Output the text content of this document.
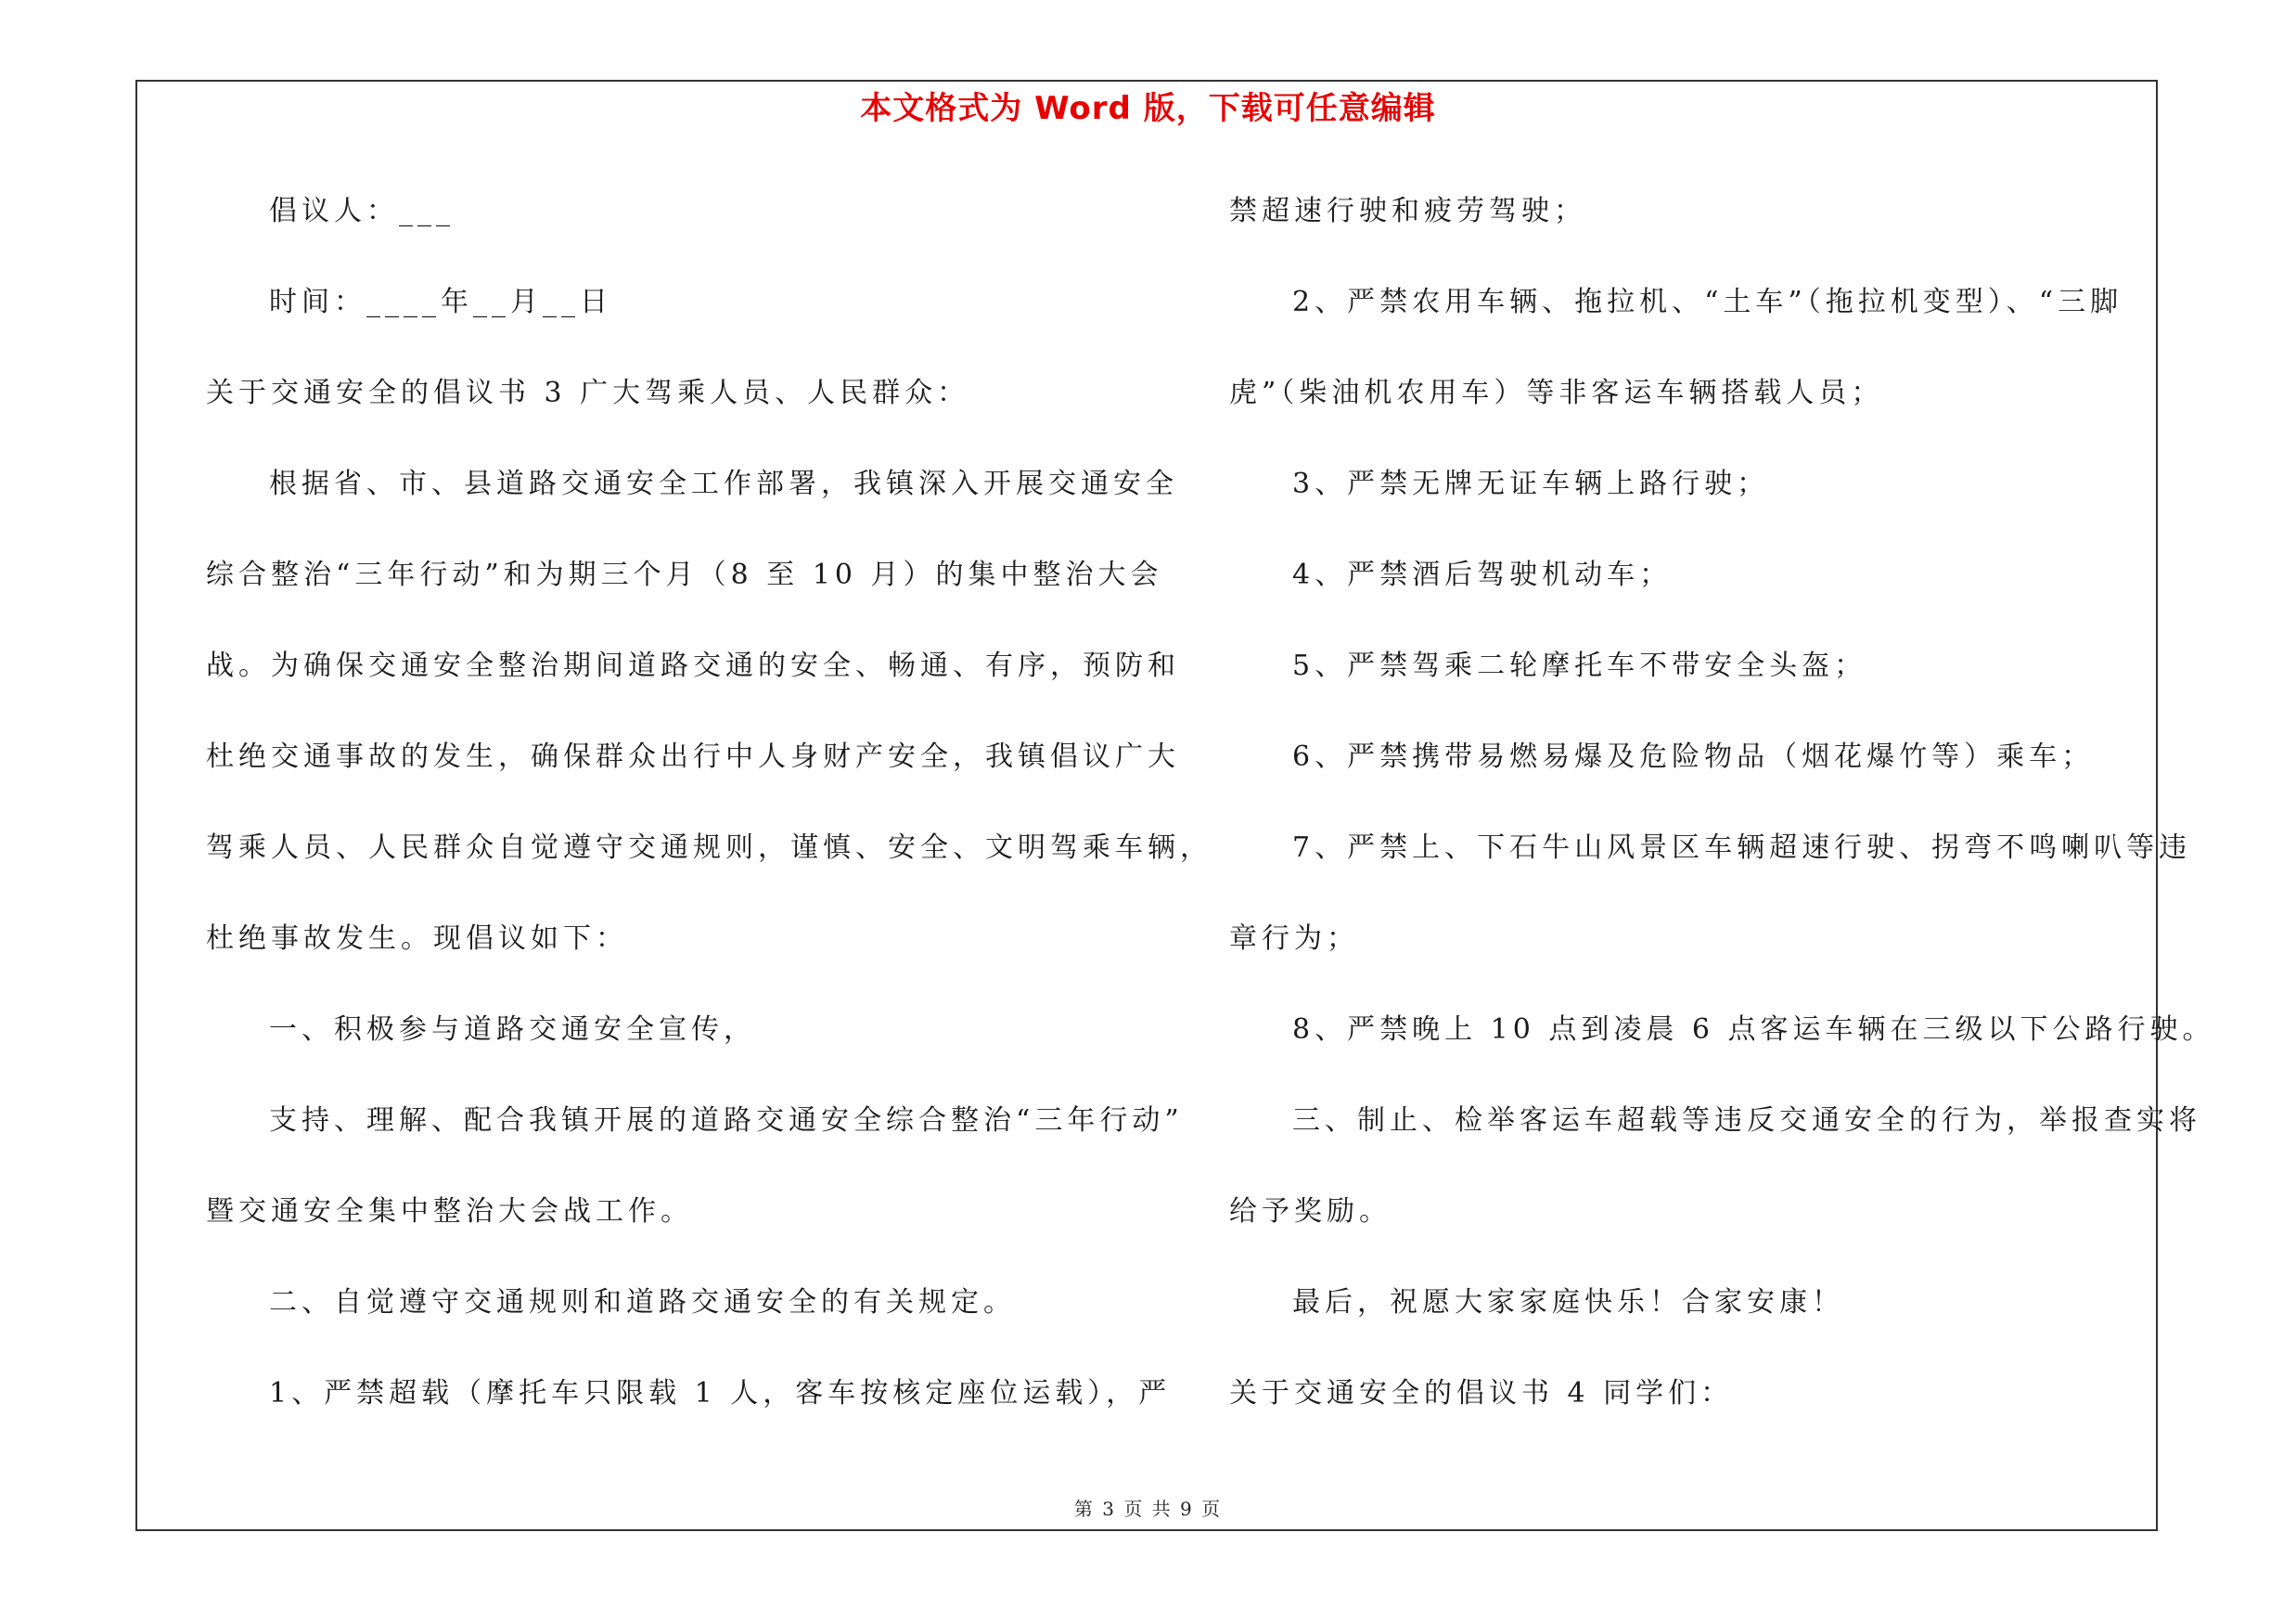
本文格式为 Word 版，下载可任意编辑
倡议人：___
时间：____年__月__日
关于交通安全的倡议书 3 广大驾乘人员、人民群众：
根据省、市、县道路交通安全工作部署，我镇深入开展交通安全
综合整治“三年行动”和为期三个月（8 至 10 月）的集中整治大会
战。为确保交通安全整治期间道路交通的安全、畅通、有序，预防和
杜绝交通事故的发生，确保群众出行中人身财产安全，我镇倡议广大
驾乘人员、人民群众自觉遵守交通规则，谨慎、安全、文明驾乘车辆，
杜绝事故发生。现倡议如下：
一、积极参与道路交通安全宣传，
支持、理解、配合我镇开展的道路交通安全综合整治“三年行动”
暨交通安全集中整治大会战工作。
二、自觉遵守交通规则和道路交通安全的有关规定。
1、严禁超载（摩托车只限载 1 人，客车按核定座位运载），严
禁超速行驶和疲劳驾驶；
2、严禁农用车辆、拖拉机、“土车”（拖拉机变型）、“三脚
虎”（柴油机农用车）等非客运车辆搭载人员；
3、严禁无牌无证车辆上路行驶；
4、严禁酒后驾驶机动车；
5、严禁驾乘二轮摩托车不带安全头盔；
6、严禁携带易燃易爆及危险物品（烟花爆竹等）乘车；
7、严禁上、下石牛山风景区车辆超速行驶、拐弯不鸣喇叭等违
章行为；
8、严禁晚上 10 点到凌晨 6 点客运车辆在三级以下公路行驶。
三、制止、检举客运车超载等违反交通安全的行为，举报查实将
给予奖励。
最后，祝愿大家家庭快乐！合家安康！
关于交通安全的倡议书 4 同学们：
第 3 页 共 9 页
